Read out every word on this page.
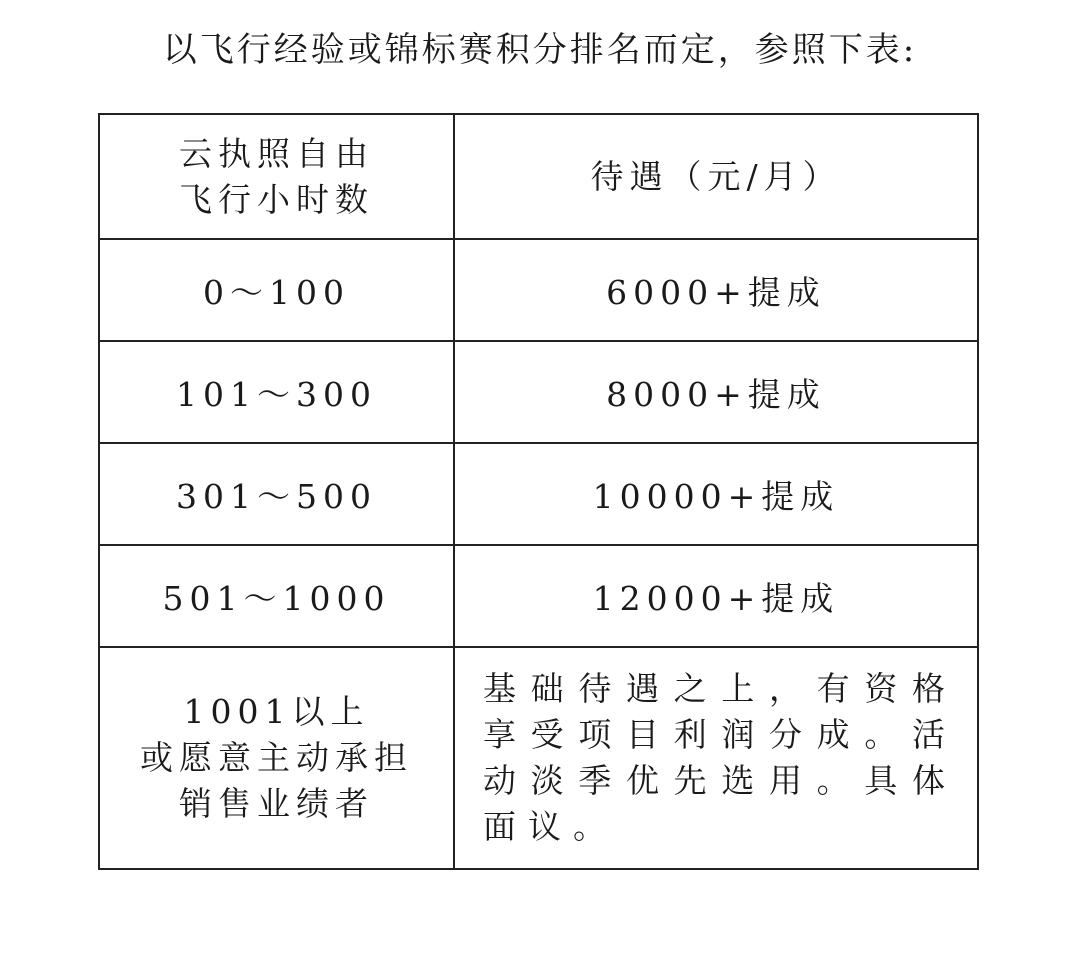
以飞行经验或锦标赛积分排名而定，参照下表:

云执照自由
飞行小时数	待遇（元/月）
0～100	6000+提成
101～300	8000+提成
301～500	10000+提成
501～1000	12000+提成

1001以上
或愿意主动承担
销售业绩者	基础待遇之上，有资格享受项目利润分成。活动淡季优先选用。具体面议。
